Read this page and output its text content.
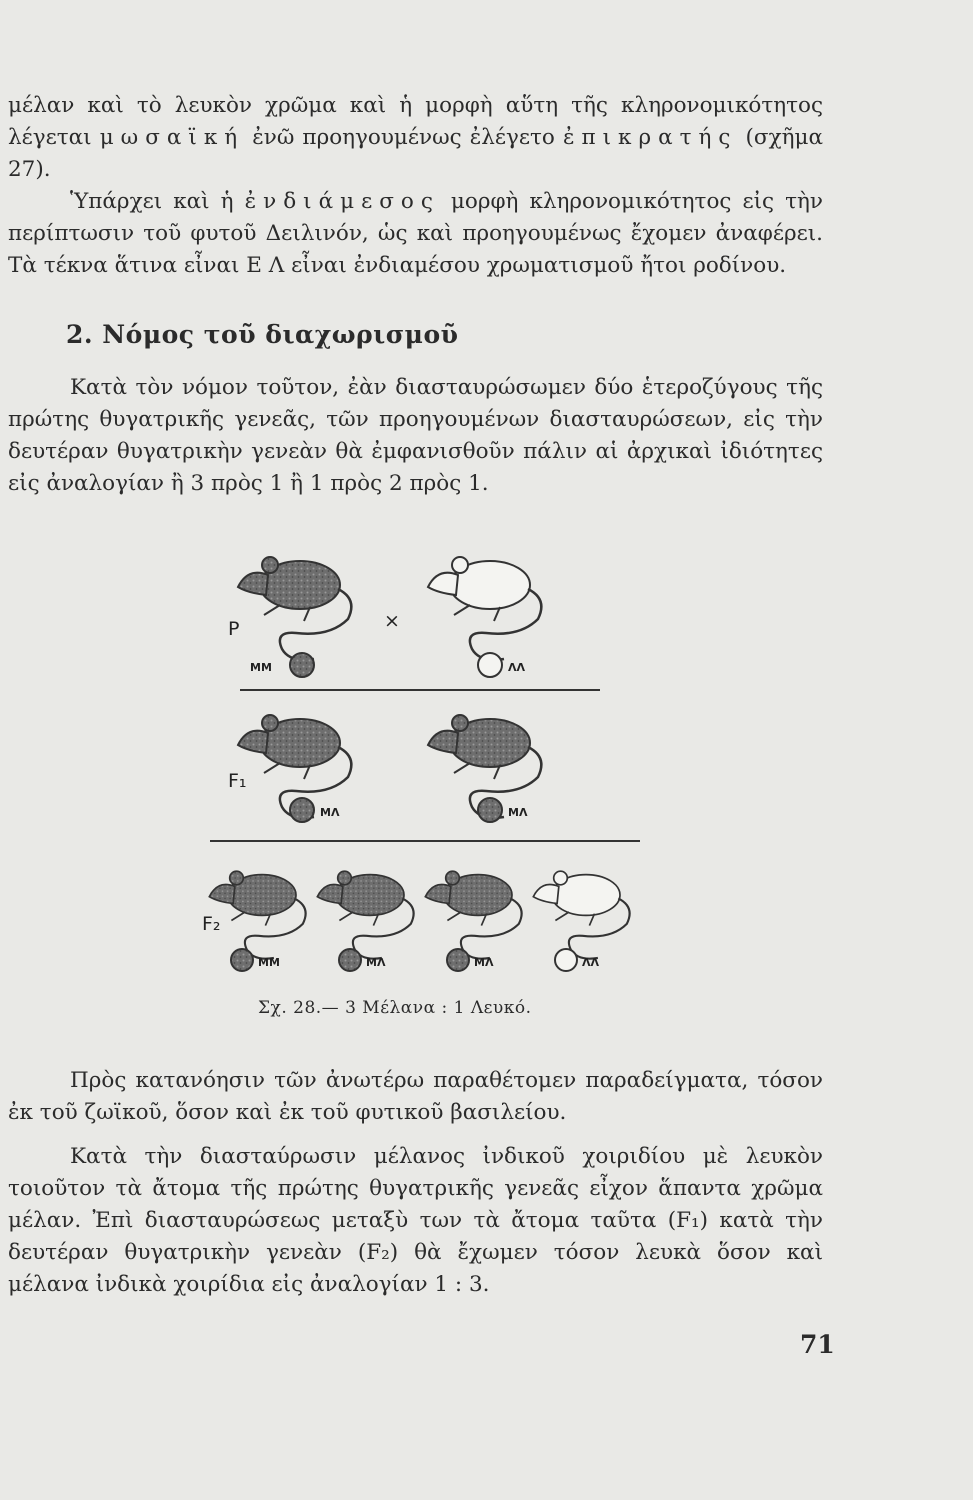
μέλαν καὶ τὸ λευκὸν χρῶμα καὶ ἡ μορφὴ αὕτη τῆς κληρονομικότητος λέγεται μωσαϊκή ἐνῶ προηγουμένως ἐλέγετο ἐπικρατής (σχῆμα 27).

Ὑπάρχει καὶ ἡ ἐνδιάμεσος μορφὴ κληρονομικότητος εἰς τὴν περίπτωσιν τοῦ φυτοῦ Δειλινόν, ὡς καὶ προηγουμένως ἔχομεν ἀναφέρει. Τὰ τέκνα ἅτινα εἶναι Ε Λ εἶναι ἐνδιαμέσου χρωματισμοῦ ἤτοι ροδίνου.

2. Νόμος τοῦ διαχωρισμοῦ

Κατὰ τὸν νόμον τοῦτον, ἐὰν διασταυρώσωμεν δύο ἑτεροζύγους τῆς πρώτης θυγατρικῆς γενεᾶς, τῶν προηγουμένων διασταυρώσεων, εἰς τὴν δευτέραν θυγατρικὴν γενεὰν θὰ ἐμφανισθοῦν πάλιν αἱ ἀρχικαὶ ἰδιότητες εἰς ἀναλογίαν ἢ 3 πρὸς 1 ἢ 1 πρὸς 2 πρὸς 1.

P
MM
×
ΛΛ
F₁
ΜΛ	ΜΛ
F₂
MM	ΜΛ	ΜΛ	ΛΛ
Σχ. 28.— 3 Μέλανα : 1 Λευκό.

Πρὸς κατανόησιν τῶν ἀνωτέρω παραθέτομεν παραδείγματα, τόσον ἐκ τοῦ ζωϊκοῦ, ὅσον καὶ ἐκ τοῦ φυτικοῦ βασιλείου.

Κατὰ τὴν διασταύρωσιν μέλανος ἰνδικοῦ χοιριδίου μὲ λευκὸν τοιοῦτον τὰ ἄτομα τῆς πρώτης θυγατρικῆς γενεᾶς εἶχον ἅπαντα χρῶμα μέλαν. Ἐπὶ διασταυρώσεως μεταξὺ των τὰ ἄτομα ταῦτα (F₁) κατὰ τὴν δευτέραν θυγατρικὴν γενεὰν (F₂) θὰ ἔχωμεν τόσον λευκὰ ὅσον καὶ μέλανα ἰνδικὰ χοιρίδια εἰς ἀναλογίαν 1 : 3.

71
